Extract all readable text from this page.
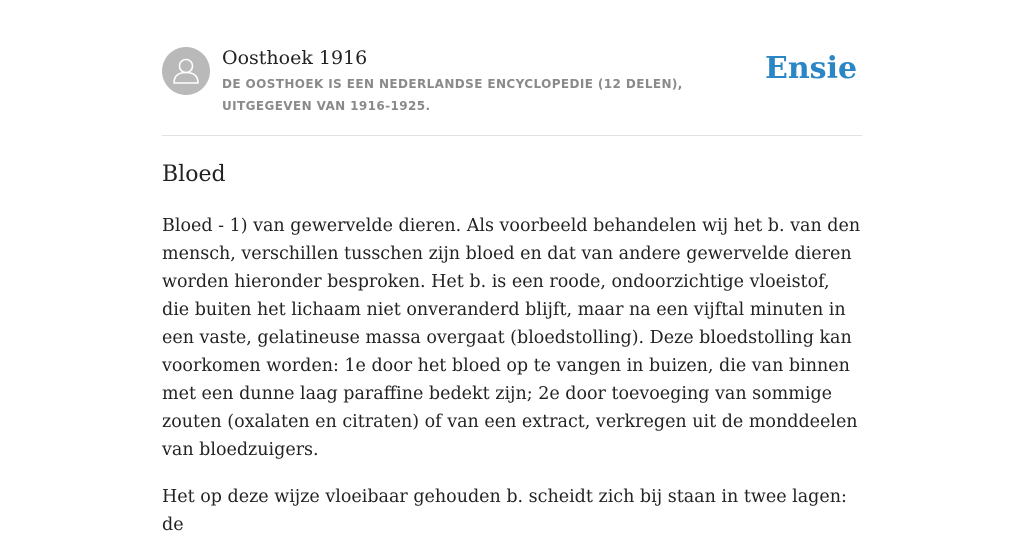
Oosthoek 1916
DE OOSTHOEK IS EEN NEDERLANDSE ENCYCLOPEDIE (12 DELEN), UITGEGEVEN VAN 1916-1925.
Ensie
Bloed

Bloed - 1) van gewervelde dieren. Als voorbeeld behandelen wij het b. van den mensch, verschillen tusschen zijn bloed en dat van andere gewervelde dieren worden hieronder besproken. Het b. is een roode, ondoorzichtige vloeistof, die buiten het lichaam niet onveranderd blijft, maar na een vijftal minuten in een vaste, gelatineuse massa overgaat (bloedstolling). Deze bloedstolling kan voorkomen worden: 1e door het bloed op te vangen in buizen, die van binnen met een dunne laag paraffine bedekt zijn; 2e door toevoeging van sommige zouten (oxalaten en citraten) of van een extract, verkregen uit de monddeelen van bloedzuigers.

Het op deze wijze vloeibaar gehouden b. scheidt zich bij staan in twee lagen: de
